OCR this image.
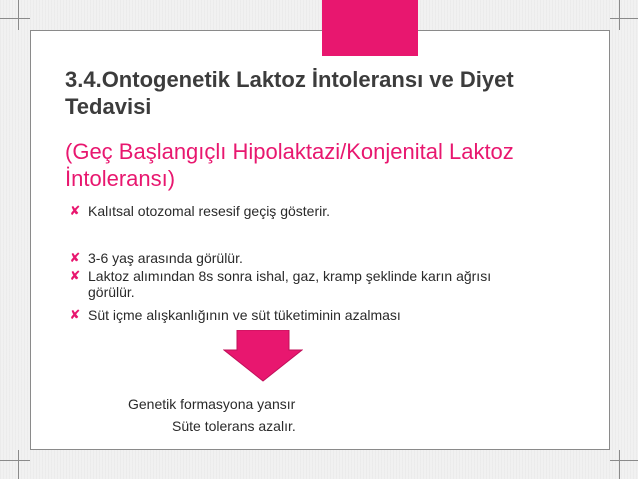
3.4.Ontogenetik Laktoz İntoleransı ve Diyet Tedavisi
(Geç Başlangıçlı Hipolaktazi/Konjenital Laktoz İntoleransı)
✘ Kalıtsal otozomal resesif geçiş gösterir.
✘ 3-6 yaş arasında görülür.
✘ Laktoz alımından 8s sonra ishal, gaz, kramp şeklinde karın ağrısı görülür.
✘ Süt içme alışkanlığının ve süt tüketiminin azalması
Genetik formasyona yansır
Süte tolerans azalır.
